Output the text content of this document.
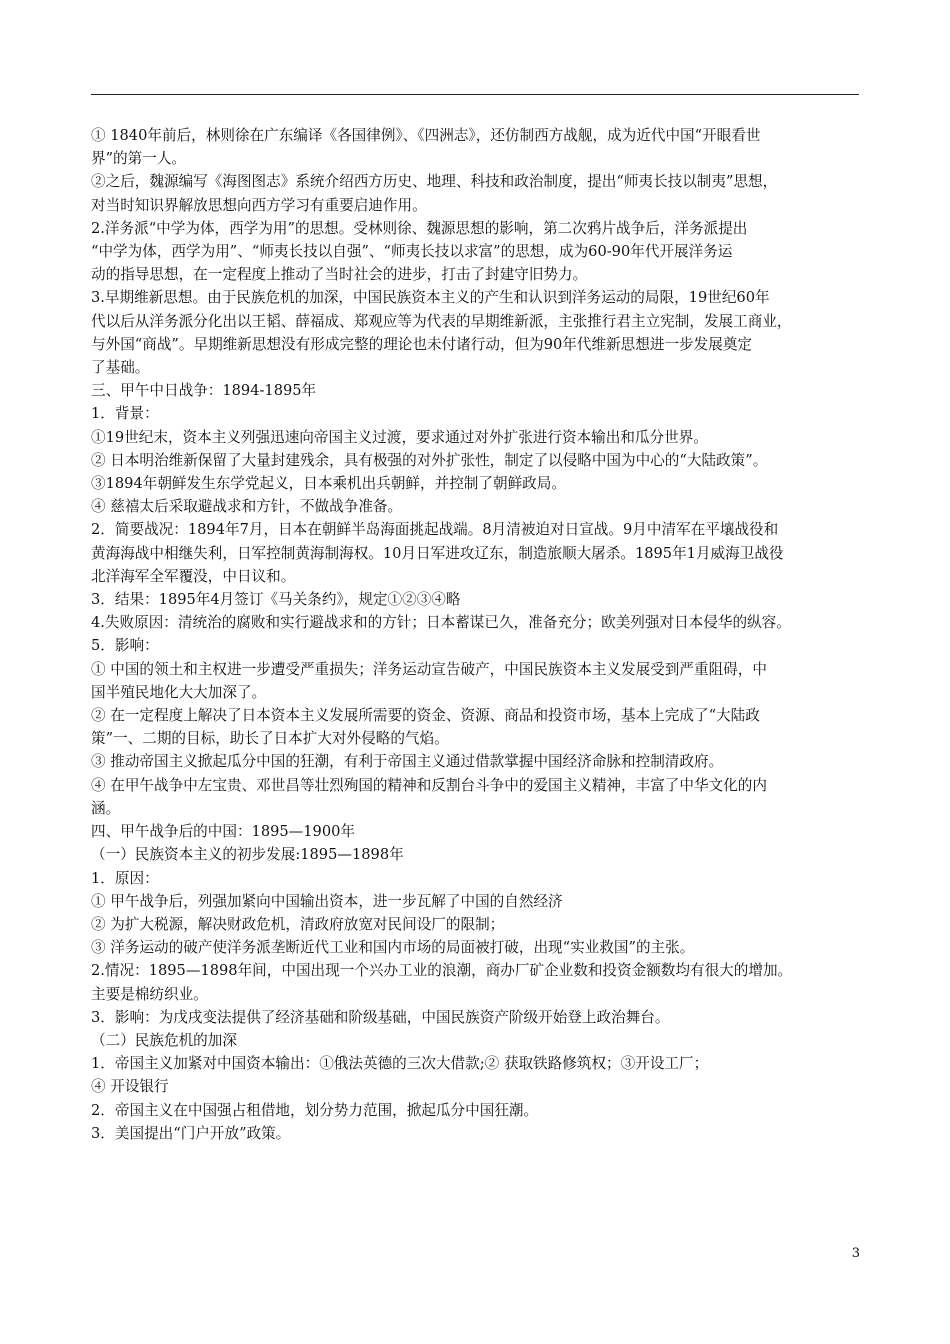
① 1840年前后，林则徐在广东编译《各国律例》、《四洲志》，还仿制西方战舰，成为近代中国“开眼看世

界”的第一人。

②之后，魏源编写《海图图志》系统介绍西方历史、地理、科技和政治制度，提出“师夷长技以制夷”思想，

对当时知识界解放思想向西方学习有重要启迪作用。

2.洋务派“中学为体，西学为用”的思想。受林则徐、魏源思想的影响，第二次鸦片战争后，洋务派提出

“中学为体，西学为用”、“师夷长技以自强”、“师夷长技以求富”的思想，成为60-90年代开展洋务运

动的指导思想，在一定程度上推动了当时社会的进步，打击了封建守旧势力。

3.早期维新思想。由于民族危机的加深，中国民族资本主义的产生和认识到洋务运动的局限，19世纪60年

代以后从洋务派分化出以王韬、薛福成、郑观应等为代表的早期维新派，主张推行君主立宪制，发展工商业，

与外国“商战”。早期维新思想没有形成完整的理论也未付诸行动，但为90年代维新思想进一步发展奠定

了基础。

三、甲午中日战争：1894-1895年

1．背景：

①19世纪末，资本主义列强迅速向帝国主义过渡，要求通过对外扩张进行资本输出和瓜分世界。

② 日本明治维新保留了大量封建残余，具有极强的对外扩张性，制定了以侵略中国为中心的“大陆政策”。

③1894年朝鲜发生东学党起义，日本乘机出兵朝鲜，并控制了朝鲜政局。

④ 慈禧太后采取避战求和方针，不做战争准备。

2．简要战况：1894年7月，日本在朝鲜半岛海面挑起战端。8月清被迫对日宣战。9月中清军在平壤战役和

黄海海战中相继失利，日军控制黄海制海权。10月日军进攻辽东，制造旅顺大屠杀。1895年1月威海卫战役

北洋海军全军覆没，中日议和。

3．结果：1895年4月签订《马关条约》，规定①②③④略

4.失败原因：清统治的腐败和实行避战求和的方针；日本蓄谋已久，准备充分；欧美列强对日本侵华的纵容。

5．影响：

① 中国的领土和主权进一步遭受严重损失；洋务运动宣告破产，中国民族资本主义发展受到严重阻碍，中

国半殖民地化大大加深了。

② 在一定程度上解决了日本资本主义发展所需要的资金、资源、商品和投资市场，基本上完成了“大陆政

策”一、二期的目标，助长了日本扩大对外侵略的气焰。

③ 推动帝国主义掀起瓜分中国的狂潮，有利于帝国主义通过借款掌握中国经济命脉和控制清政府。

④ 在甲午战争中左宝贵、邓世昌等壮烈殉国的精神和反割台斗争中的爱国主义精神，丰富了中华文化的内

涵。

四、甲午战争后的中国：1895—1900年

（一）民族资本主义的初步发展:1895—1898年

1．原因：

① 甲午战争后，列强加紧向中国输出资本，进一步瓦解了中国的自然经济

② 为扩大税源，解决财政危机，清政府放宽对民间设厂的限制；

③ 洋务运动的破产使洋务派垄断近代工业和国内市场的局面被打破，出现“实业救国”的主张。

2.情况：1895—1898年间，中国出现一个兴办工业的浪潮，商办厂矿企业数和投资金额数均有很大的增加。

主要是棉纺织业。

3．影响：为戊戌变法提供了经济基础和阶级基础，中国民族资产阶级开始登上政治舞台。

（二）民族危机的加深

1．帝国主义加紧对中国资本输出：①俄法英德的三次大借款;② 获取铁路修筑权；③开设工厂；

④ 开设银行

2．帝国主义在中国强占租借地，划分势力范围，掀起瓜分中国狂潮。

3．美国提出“门户开放”政策。

3
